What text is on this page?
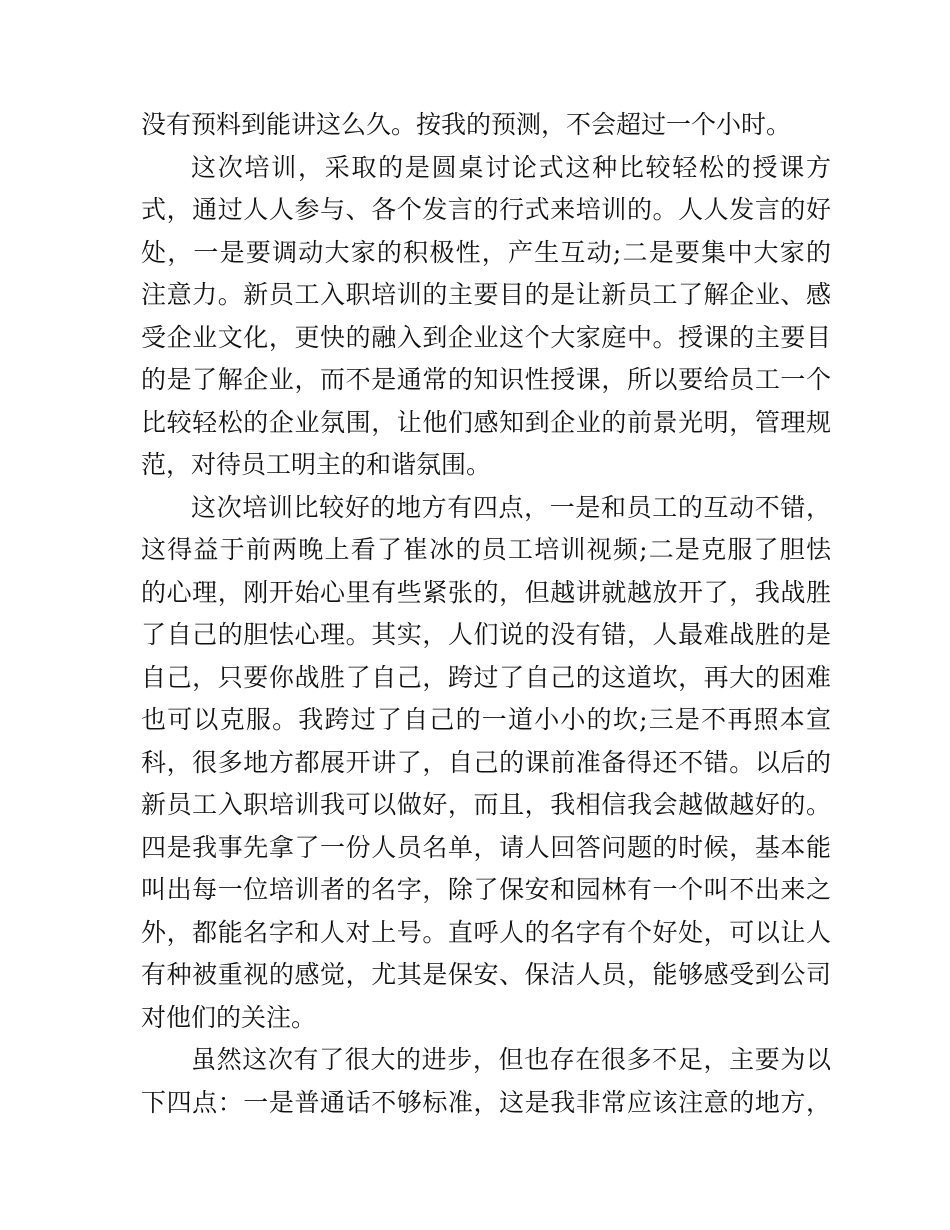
没有预料到能讲这么久。按我的预测，不会超过一个小时。
这次培训，采取的是圆桌讨论式这种比较轻松的授课方
式，通过人人参与、各个发言的行式来培训的。人人发言的好
处，一是要调动大家的积极性，产生互动;二是要集中大家的
注意力。新员工入职培训的主要目的是让新员工了解企业、感
受企业文化，更快的融入到企业这个大家庭中。授课的主要目
的是了解企业，而不是通常的知识性授课，所以要给员工一个
比较轻松的企业氛围，让他们感知到企业的前景光明，管理规
范，对待员工明主的和谐氛围。
这次培训比较好的地方有四点，一是和员工的互动不错，
这得益于前两晚上看了崔冰的员工培训视频;二是克服了胆怯
的心理，刚开始心里有些紧张的，但越讲就越放开了，我战胜
了自己的胆怯心理。其实，人们说的没有错，人最难战胜的是
自己，只要你战胜了自己，跨过了自己的这道坎，再大的困难
也可以克服。我跨过了自己的一道小小的坎;三是不再照本宣
科，很多地方都展开讲了，自己的课前准备得还不错。以后的
新员工入职培训我可以做好，而且，我相信我会越做越好的。
四是我事先拿了一份人员名单，请人回答问题的时候，基本能
叫出每一位培训者的名字，除了保安和园林有一个叫不出来之
外，都能名字和人对上号。直呼人的名字有个好处，可以让人
有种被重视的感觉，尤其是保安、保洁人员，能够感受到公司
对他们的关注。
虽然这次有了很大的进步，但也存在很多不足，主要为以
下四点：一是普通话不够标准，这是我非常应该注意的地方，
